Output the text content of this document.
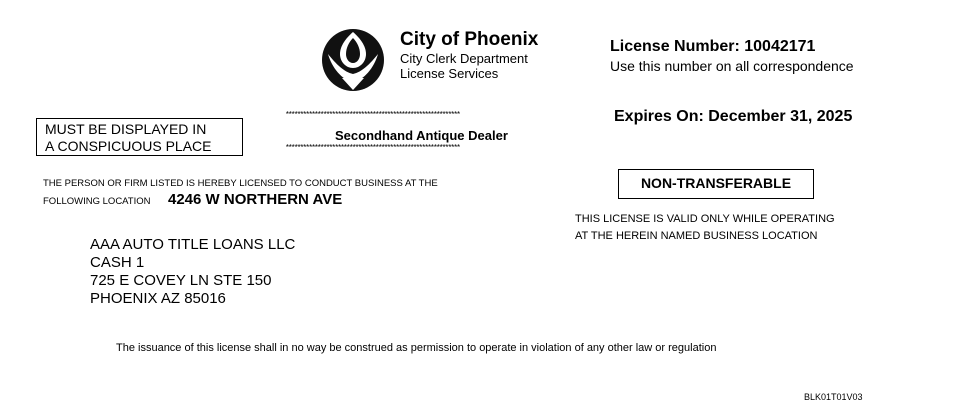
City of Phoenix
City Clerk Department
License Services
License Number: 10042171
Use this number on all correspondence
Expires On: December 31, 2025
MUST BE DISPLAYED IN
A CONSPICUOUS PLACE
************************************************************
Secondhand Antique Dealer
************************************************************
NON-TRANSFERABLE
THE PERSON OR FIRM LISTED IS HEREBY LICENSED TO CONDUCT BUSINESS AT THE
FOLLOWING LOCATION 4246 W NORTHERN AVE
THIS LICENSE IS VALID ONLY WHILE OPERATING
AT THE HEREIN NAMED BUSINESS LOCATION
AAA AUTO TITLE LOANS LLC
CASH 1
725 E COVEY LN STE 150
PHOENIX AZ 85016
The issuance of this license shall in no way be construed as permission to operate in violation of any other law or regulation
BLK01T01V03
